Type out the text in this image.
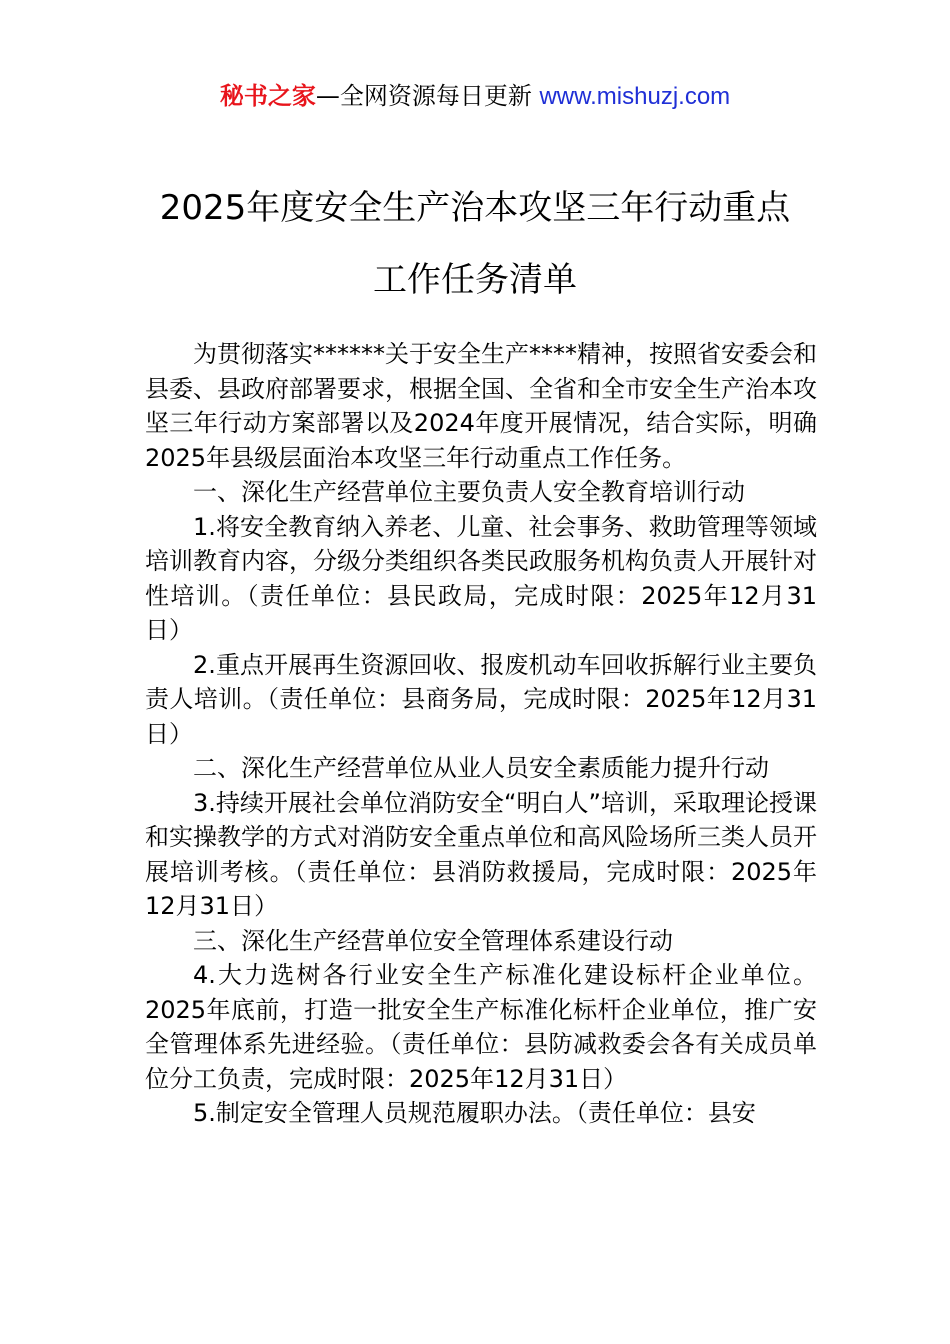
秘书之家—全网资源每日更新 www.mishuzj.com
2025年度安全生产治本攻坚三年行动重点
工作任务清单

为贯彻落实******关于安全生产****精神，按照省安委会和县委、县政府部署要求，根据全国、全省和全市安全生产治本攻坚三年行动方案部署以及2024年度开展情况，结合实际，明确2025年县级层面治本攻坚三年行动重点工作任务。

一、深化生产经营单位主要负责人安全教育培训行动

1.将安全教育纳入养老、儿童、社会事务、救助管理等领域培训教育内容，分级分类组织各类民政服务机构负责人开展针对性培训。（责任单位：县民政局，完成时限：2025年12月31日）

2.重点开展再生资源回收、报废机动车回收拆解行业主要负责人培训。（责任单位：县商务局，完成时限：2025年12月31日）

二、深化生产经营单位从业人员安全素质能力提升行动

3.持续开展社会单位消防安全“明白人”培训，采取理论授课和实操教学的方式对消防安全重点单位和高风险场所三类人员开展培训考核。（责任单位：县消防救援局，完成时限：2025年12月31日）

三、深化生产经营单位安全管理体系建设行动

4.大力选树各行业安全生产标准化建设标杆企业单位。2025年底前，打造一批安全生产标准化标杆企业单位，推广安全管理体系先进经验。（责任单位：县防减救委会各有关成员单位分工负责，完成时限：2025年12月31日）

5.制定安全管理人员规范履职办法。（责任单位：县安
